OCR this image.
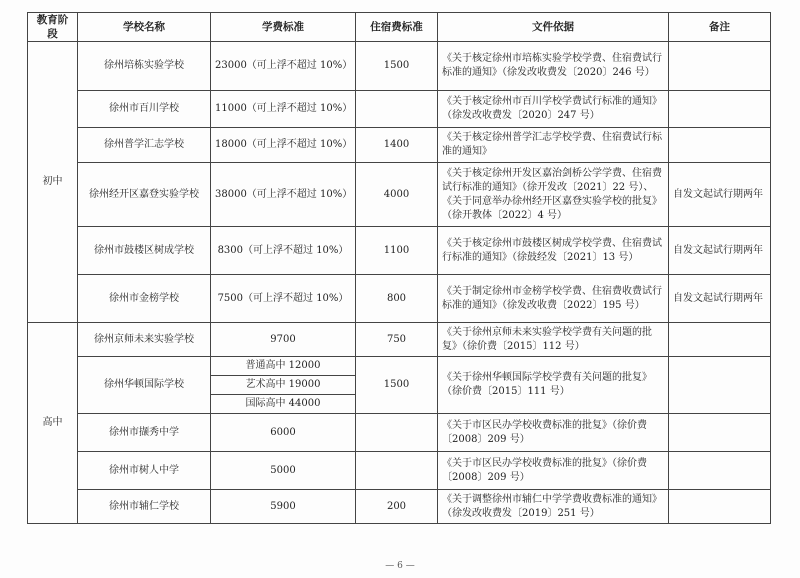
教育阶段	学校名称	学费标准	住宿费标准	文件依据	备注
初中	徐州培栋实验学校	23000（可上浮不超过 10%）	1500	《关于核定徐州市培栋实验学校学费、住宿费试行标准的通知》（徐发改收费发〔2020〕246 号）	
	徐州市百川学校	11000（可上浮不超过 10%）		《关于核定徐州市百川学校学费试行标准的通知》（徐发改收费发〔2020〕247 号）	
	徐州普学汇志学校	18000（可上浮不超过 10%）	1400	《关于核定徐州普学汇志学校学费、住宿费试行标准的通知》	
	徐州经开区嘉登实验学校	38000（可上浮不超过 10%）	4000	《关于核定徐州开发区嘉治剑桥公学学费、住宿费试行标准的通知》（徐开发改〔2021〕22 号）、《关于同意举办徐州经开区嘉登实验学校的批复》（徐开教体〔2022〕4 号）	自发文起试行期两年
	徐州市鼓楼区树成学校	8300（可上浮不超过 10%）	1100	《关于核定徐州市鼓楼区树成学校学费、住宿费试行标准的通知》（徐鼓经发〔2021〕13 号）	自发文起试行期两年
	徐州市金榜学校	7500（可上浮不超过 10%）	800	《关于制定徐州市金榜学校学费、住宿费收费试行标准的通知》（徐发改收费〔2022〕195 号）	自发文起试行期两年
高中	徐州京师未来实验学校	9700	750	《关于徐州京师未来实验学校学费有关问题的批复》（徐价费〔2015〕112 号）	
	徐州华顿国际学校	普通高中 12000	1500	《关于徐州华顿国际学校学费有关问题的批复》（徐价费〔2015〕111 号）	
		艺术高中 19000			
		国际高中 44000			
	徐州市撷秀中学	6000		《关于市区民办学校收费标准的批复》（徐价费〔2008〕209 号）	
	徐州市树人中学	5000		《关于市区民办学校收费标准的批复》（徐价费〔2008〕209 号）	
	徐州市辅仁学校	5900	200	《关于调整徐州市辅仁中学学费收费标准的通知》（徐发改收费发〔2019〕251 号）	
— 6 —
